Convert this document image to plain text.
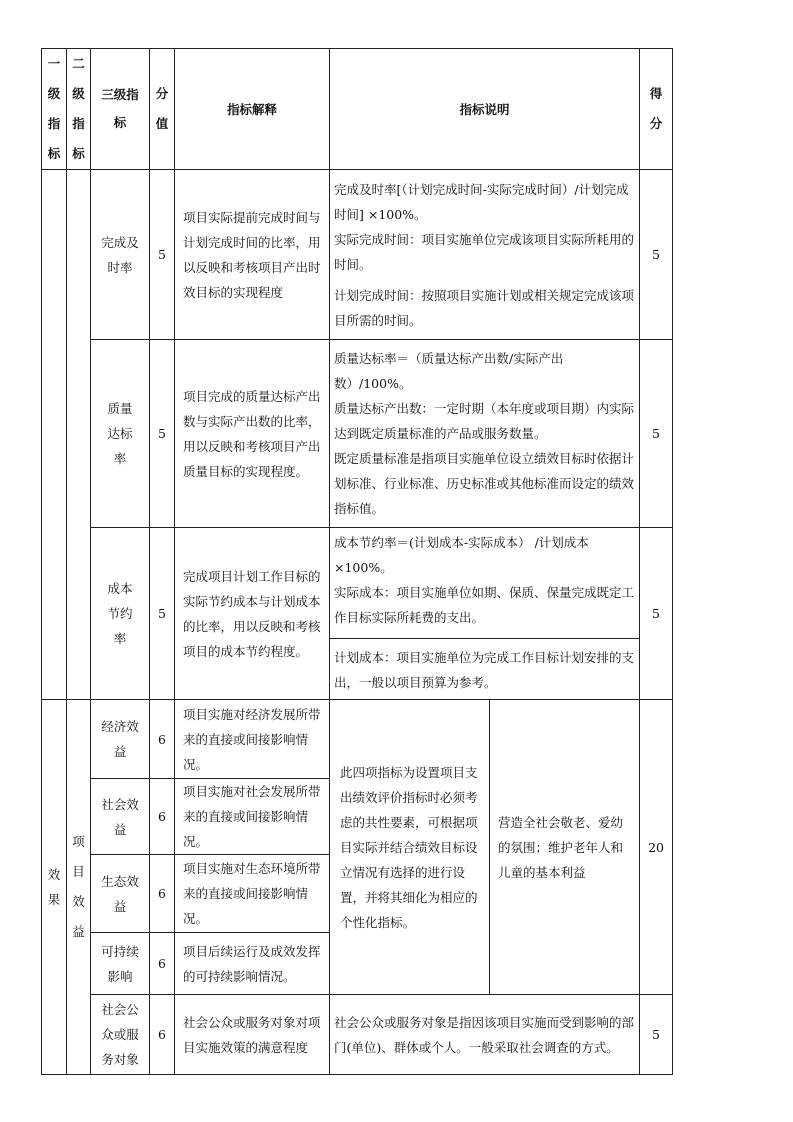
一级指标	二级指标	三级指标	分值	指标解释	指标说明		得分

		完成及时率	5	项目实际提前完成时间与计划完成时间的比率，用以反映和考核项目产出时效目标的实现程度	完成及时率[（计划完成时间-实际完成时间）/计划完成时间] ×100%。

实际完成时间：项目实施单位完成该项目实际所耗用的时间。

计划完成时间：按照项目实施计划或相关规定完成该项目所需的时间。		5
		质量达标率	5	项目完成的质量达标产出数与实际产出数的比率，用以反映和考核项目产出质量目标的实现程度。	质量达标率＝（质量达标产出数/实际产出数）/100%。

质量达标产出数：一定时期（本年度或项目期）内实际达到既定质量标准的产品或服务数量。

既定质量标准是指项目实施单位设立绩效目标时依据计划标准、行业标准、历史标准或其他标准而设定的绩效指标值。		5
		成本节约率	5	完成项目计划工作目标的实际节约成本与计划成本的比率，用以反映和考核项目的成本节约程度。	成本节约率＝(计划成本-实际成本） /计划成本×100%。

实际成本：项目实施单位如期、保质、保量完成既定工作目标实际所耗费的支出。

计划成本：项目实施单位为完成工作目标计划安排的支出，一般以项目预算为参考。		5
效果	项目效益	经济效益	6	项目实施对经济发展所带来的直接或间接影响情况。	此四项指标为设置项目支出绩效评价指标时必须考虑的共性要素，可根据项目实际并结合绩效目标设立情况有选择的进行设置，并将其细化为相应的个性化指标。	营造全社会敬老、爱幼的氛围；维护老年人和儿童的基本利益	20
		社会效益	6	项目实施对社会发展所带来的直接或间接影响情况。			
		生态效益	6	项目实施对生态环境所带来的直接或间接影响情况。			
		可持续影响	6	项目后续运行及成效发挥的可持续影响情况。			
		社会公众或服务对象	6	社会公众或服务对象对项目实施效策的满意程度	社会公众或服务对象是指因该项目实施而受到影响的部门(单位)、群体或个人。一般采取社会调查的方式。		5
